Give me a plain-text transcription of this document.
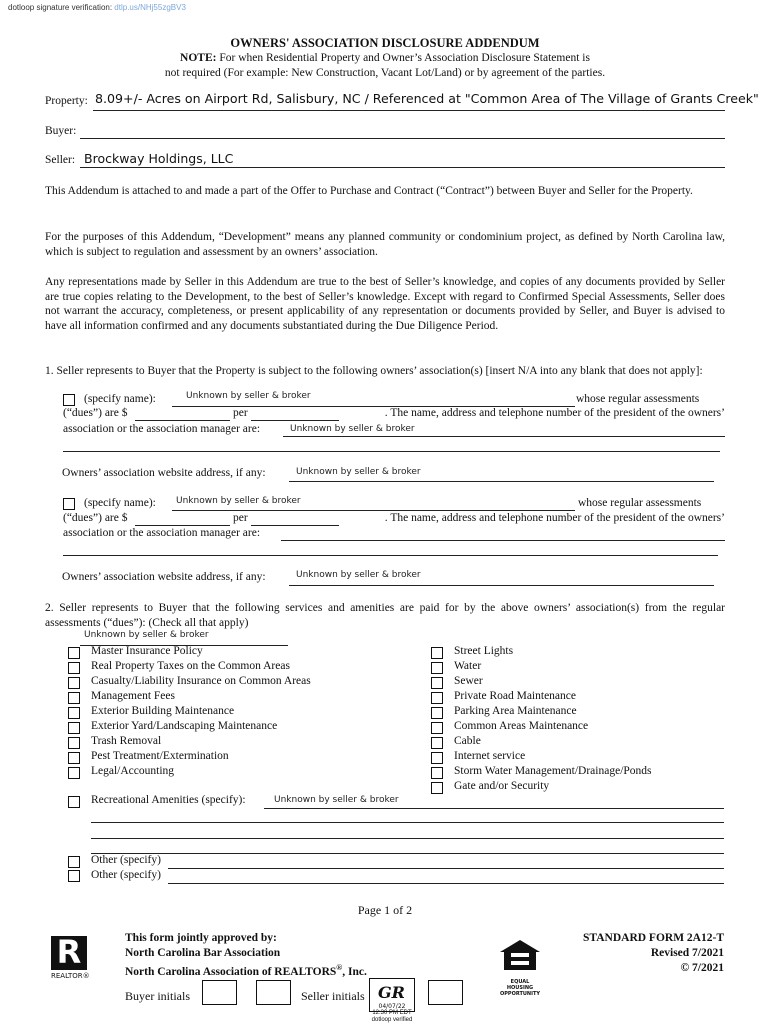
dotloop signature verification: dtlp.us/NHj55zgBV3
OWNERS' ASSOCIATION DISCLOSURE ADDENDUM
NOTE: For when Residential Property and Owner’s Association Disclosure Statement is
not required (For example: New Construction, Vacant Lot/Land) or by agreement of the parties.
Property: 8.09+/- Acres on Airport Rd, Salisbury, NC / Referenced at "Common Area of The Village of Grants Creek"
Buyer:
Seller: Brockway Holdings, LLC
This Addendum is attached to and made a part of the Offer to Purchase and Contract (“Contract”) between Buyer and Seller for the Property.
For the purposes of this Addendum, “Development” means any planned community or condominium project, as defined by North Carolina law, which is subject to regulation and assessment by an owners’ association.
Any representations made by Seller in this Addendum are true to the best of Seller’s knowledge, and copies of any documents provided by Seller are true copies relating to the Development, to the best of Seller’s knowledge. Except with regard to Confirmed Special Assessments, Seller does not warrant the accuracy, completeness, or present applicability of any representation or documents provided by Seller, and Buyer is advised to have all information confirmed and any documents substantiated during the Due Diligence Period.
1. Seller represents to Buyer that the Property is subject to the following owners’ association(s) [insert N/A into any blank that does not apply]:
(specify name):	Unknown by seller & broker	whose regular assessments
(“dues”) are $	per	. The name, address and telephone number of the president of the owners’
association or the association manager are:	Unknown by seller & broker
Owners’ association website address, if any:	Unknown by seller & broker
(specify name): Unknown by seller & broker	whose regular assessments
(“dues”) are $	per	. The name, address and telephone number of the president of the owners’
association or the association manager are:
Owners’ association website address, if any:	Unknown by seller & broker
2. Seller represents to Buyer that the following services and amenities are paid for by the above owners’ association(s) from the regular assessments (“dues”): (Check all that apply)
Unknown by seller & broker
Master Insurance Policy
Real Property Taxes on the Common Areas
Casualty/Liability Insurance on Common Areas
Management Fees
Exterior Building Maintenance
Exterior Yard/Landscaping Maintenance
Trash Removal
Pest Treatment/Extermination
Legal/Accounting
Street Lights
Water
Sewer
Private Road Maintenance
Parking Area Maintenance
Common Areas Maintenance
Cable
Internet service
Storm Water Management/Drainage/Ponds
Gate and/or Security
Recreational Amenities (specify):	Unknown by seller & broker
Other (specify)
Other (specify)
Page 1 of 2
R
REALTOR®
This form jointly approved by:
North Carolina Bar Association
North Carolina Association of REALTORS®, Inc.
EQUAL HOUSING OPPORTUNITY
STANDARD FORM 2A12-T
Revised 7/2021
© 7/2021
Buyer initials	Seller initials GR
04/07/22
12:30 PM EDT
dotloop verified
